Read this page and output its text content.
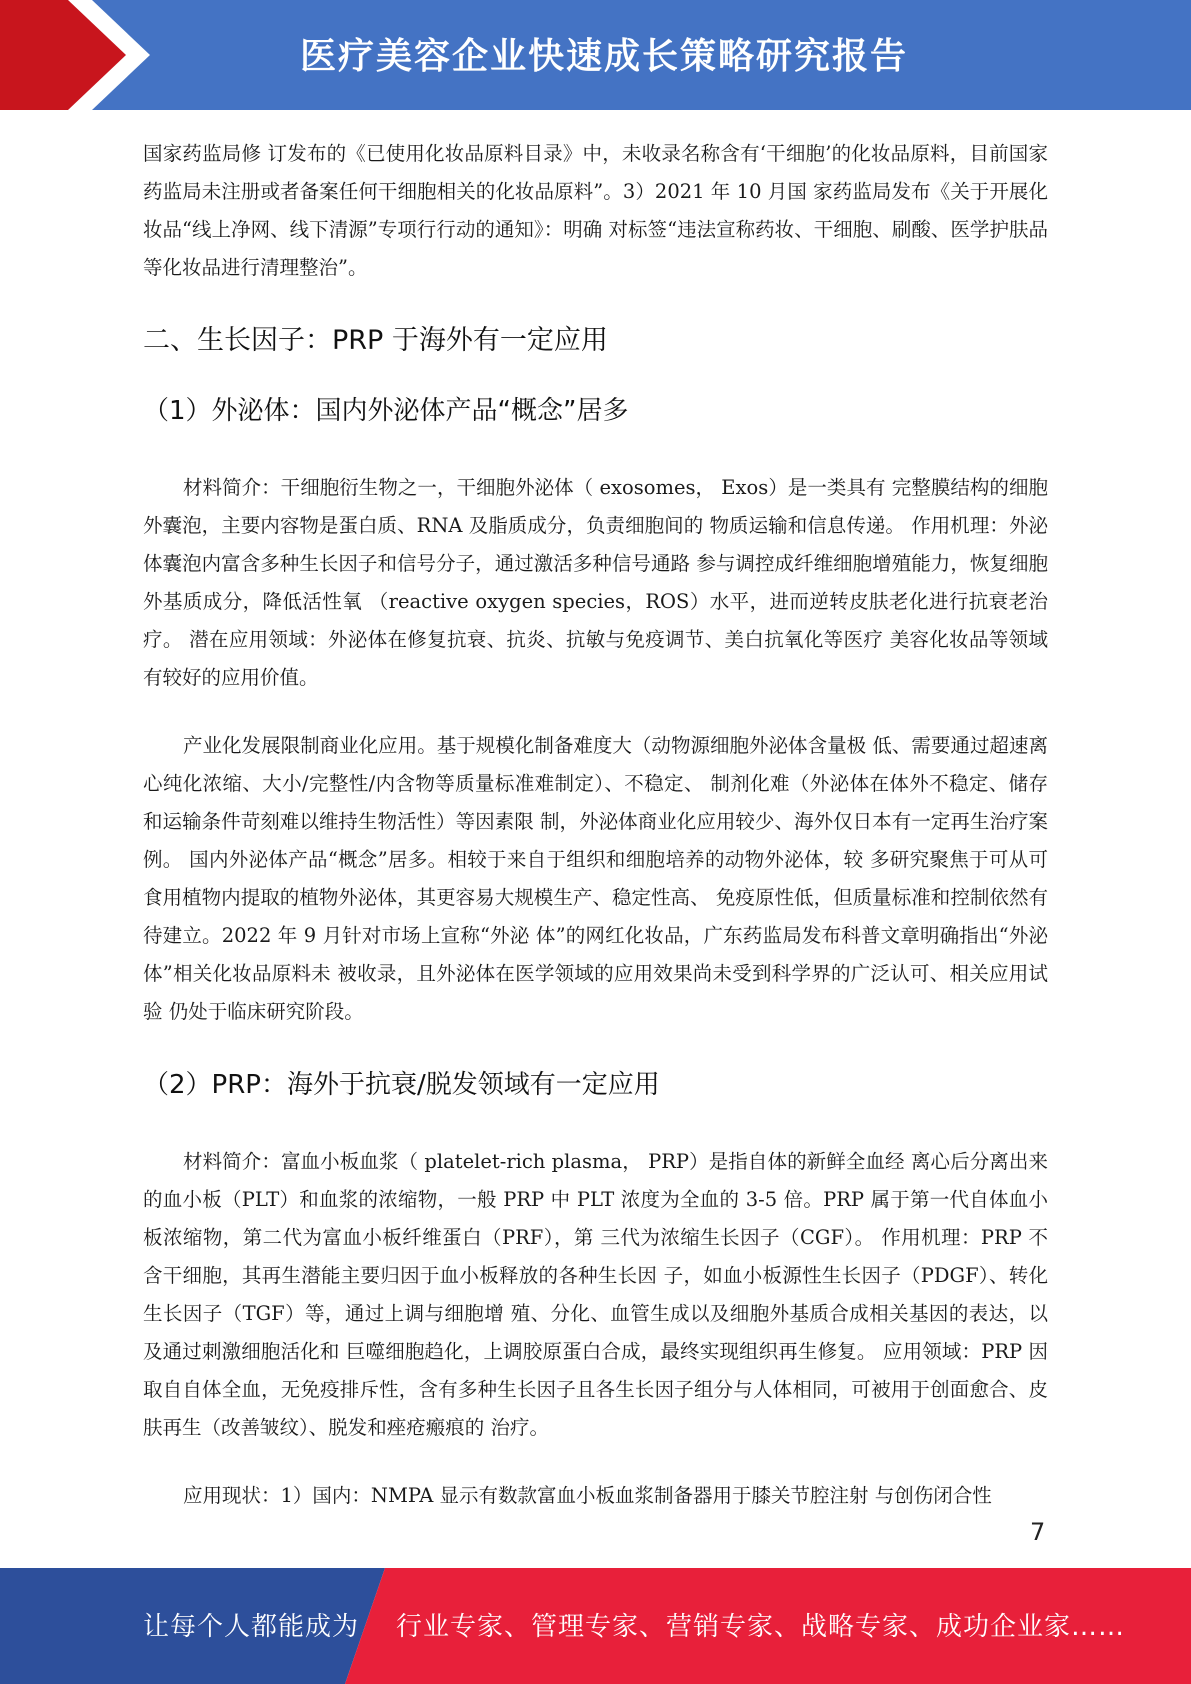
医疗美容企业快速成长策略研究报告

国家药监局修 订发布的《已使用化妆品原料目录》中，未收录名称含有‘干细胞’的化妆品原料，目前国家药监局未注册或者备案任何干细胞相关的化妆品原料”。3）2021 年 10 月国 家药监局发布《关于开展化妆品“线上净网、线下清源”专项行行动的通知》：明确 对标签“违法宣称药妆、干细胞、刷酸、医学护肤品等化妆品进行清理整治”。

二、生长因子：PRP 于海外有一定应用
（1）外泌体：国内外泌体产品“概念”居多

材料简介：干细胞衍生物之一，干细胞外泌体（ exosomes， Exos）是一类具有 完整膜结构的细胞外囊泡，主要内容物是蛋白质、RNA 及脂质成分，负责细胞间的 物质运输和信息传递。 作用机理：外泌体囊泡内富含多种生长因子和信号分子，通过激活多种信号通路 参与调控成纤维细胞增殖能力，恢复细胞外基质成分，降低活性氧 （reactive oxygen species，ROS）水平，进而逆转皮肤老化进行抗衰老治疗。 潜在应用领域：外泌体在修复抗衰、抗炎、抗敏与免疫调节、美白抗氧化等医疗 美容化妆品等领域有较好的应用价值。

产业化发展限制商业化应用。基于规模化制备难度大（动物源细胞外泌体含量极 低、需要通过超速离心纯化浓缩、大小/完整性/内含物等质量标准难制定）、不稳定、 制剂化难（外泌体在体外不稳定、储存和运输条件苛刻难以维持生物活性）等因素限 制，外泌体商业化应用较少、海外仅日本有一定再生治疗案例。 国内外泌体产品“概念”居多。相较于来自于组织和细胞培养的动物外泌体，较 多研究聚焦于可从可食用植物内提取的植物外泌体，其更容易大规模生产、稳定性高、 免疫原性低，但质量标准和控制依然有待建立。2022 年 9 月针对市场上宣称“外泌 体”的网红化妆品，广东药监局发布科普文章明确指出“外泌体”相关化妆品原料未 被收录，且外泌体在医学领域的应用效果尚未受到科学界的广泛认可、相关应用试验 仍处于临床研究阶段。

（2）PRP：海外于抗衰/脱发领域有一定应用

材料简介：富血小板血浆（ platelet-rich plasma， PRP）是指自体的新鲜全血经 离心后分离出来的血小板（PLT）和血浆的浓缩物，一般 PRP 中 PLT 浓度为全血的 3-5 倍。PRP 属于第一代自体血小板浓缩物，第二代为富血小板纤维蛋白（PRF），第 三代为浓缩生长因子（CGF）。 作用机理：PRP 不含干细胞，其再生潜能主要归因于血小板释放的各种生长因 子，如血小板源性生长因子（PDGF）、转化生长因子（TGF）等，通过上调与细胞增 殖、分化、血管生成以及细胞外基质合成相关基因的表达，以及通过刺激细胞活化和 巨噬细胞趋化，上调胶原蛋白合成，最终实现组织再生修复。 应用领域：PRP 因取自自体全血，无免疫排斥性，含有多种生长因子且各生长因子组分与人体相同，可被用于创面愈合、皮肤再生（改善皱纹）、脱发和痤疮瘢痕的 治疗。

应用现状：1）国内：NMPA 显示有数款富血小板血浆制备器用于膝关节腔注射 与创伤闭合性

7
让每个人都能成为 行业专家、管理专家、营销专家、战略专家、成功企业家……
